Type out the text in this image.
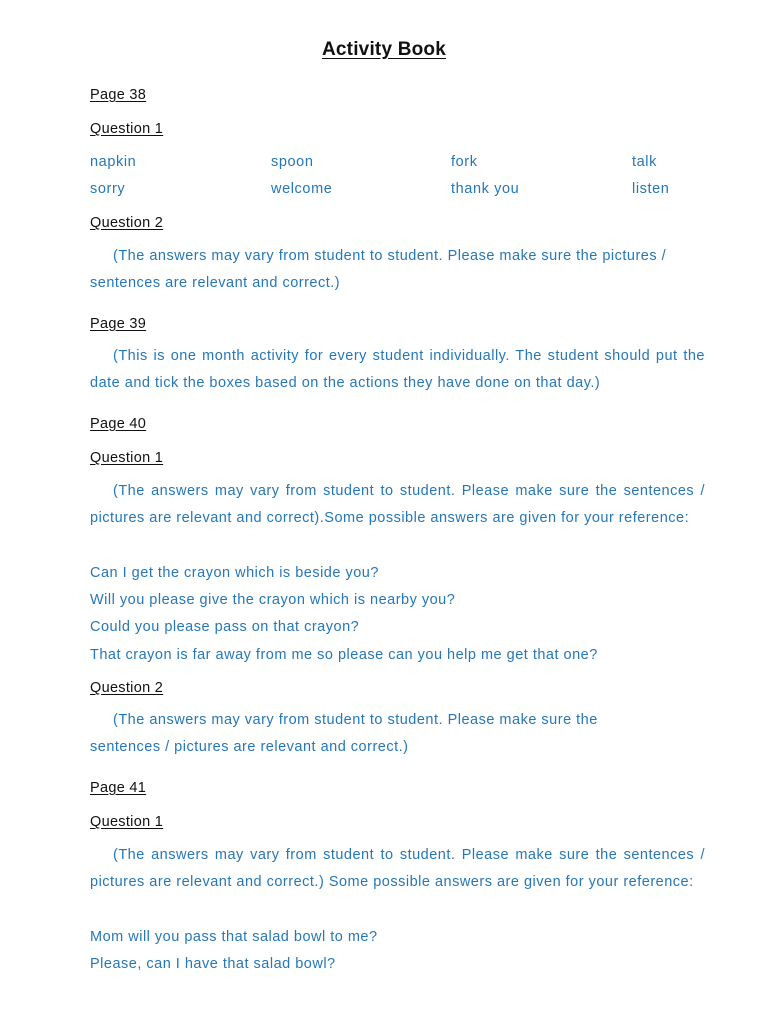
Activity Book
Page 38
Question 1
napkin	spoon	fork	talk
sorry	welcome	thank you	listen
Question 2
(The answers may vary from student to student. Please make sure the pictures / sentences are relevant and correct.)
Page 39
(This is one month activity for every student individually. The student should put the date and tick the boxes based on the actions they have done on that day.)
Page 40
Question 1
(The answers may vary from student to student. Please make sure the sentences / pictures are relevant and correct).Some possible answers are given for your reference:
Can I get the crayon which is beside you?
Will you please give the crayon which is nearby you?
Could you please pass on that crayon?
That crayon is far away from me so please can you help me get that one?
Question 2
(The answers may vary from student to student. Please make sure the sentences / pictures are relevant and correct.)
Page 41
Question 1
(The answers may vary from student to student. Please make sure the sentences / pictures are relevant and correct.) Some possible answers are given for your reference:
Mom will you pass that salad bowl to me?
Please, can I have that salad bowl?
